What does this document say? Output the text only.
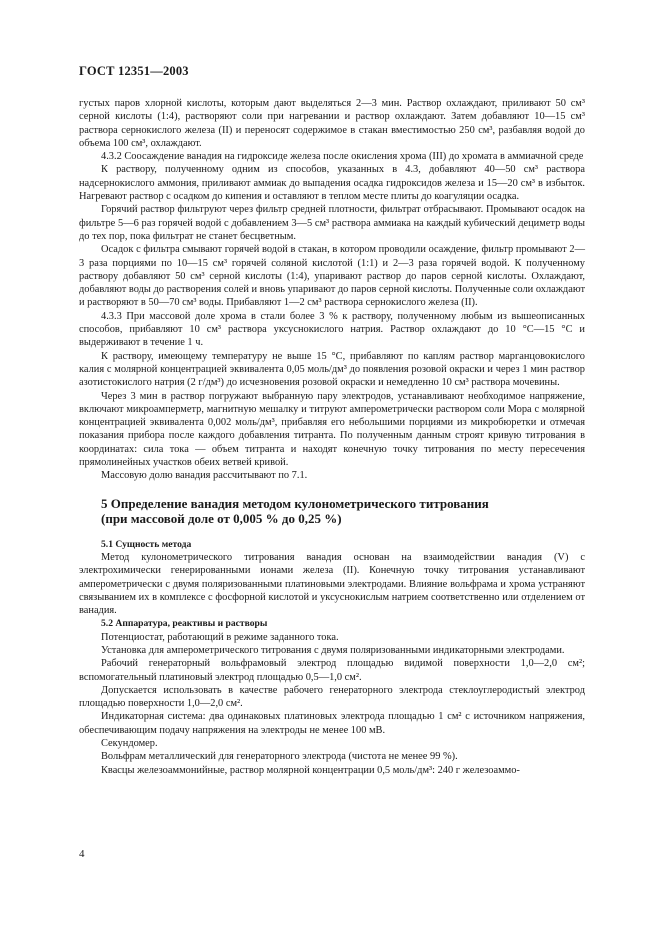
ГОСТ 12351—2003

густых паров хлорной кислоты, которым дают выделяться 2—3 мин. Раствор охлаждают, приливают 50 см³ серной кислоты (1:4), растворяют соли при нагревании и раствор охлаждают. Затем добавляют 10—15 см³ раствора сернокислого железа (II) и переносят содержимое в стакан вместимостью 250 см³, разбавляя водой до объема 100 см³, охлаждают.

4.3.2 Соосаждение ванадия на гидроксиде железа после окисления хрома (III) до хромата в аммиачной среде

К раствору, полученному одним из способов, указанных в 4.3, добавляют 40—50 см³ раствора надсернокислого аммония, приливают аммиак до выпадения осадка гидроксидов железа и 15—20 см³ в избыток. Нагревают раствор с осадком до кипения и оставляют в теплом месте плиты до коагуляции осадка.

Горячий раствор фильтруют через фильтр средней плотности, фильтрат отбрасывают. Промывают осадок на фильтре 5—6 раз горячей водой с добавлением 3—5 см³ раствора аммиака на каждый кубический дециметр воды до тех пор, пока фильтрат не станет бесцветным.

Осадок с фильтра смывают горячей водой в стакан, в котором проводили осаждение, фильтр промывают 2—3 раза порциями по 10—15 см³ горячей соляной кислотой (1:1) и 2—3 раза горячей водой. К полученному раствору добавляют 50 см³ серной кислоты (1:4), упаривают раствор до паров серной кислоты. Охлаждают, добавляют воды до растворения солей и вновь упаривают до паров серной кислоты. Полученные соли охлаждают и растворяют в 50—70 см³ воды. Прибавляют 1—2 см³ раствора сернокислого железа (II).

4.3.3 При массовой доле хрома в стали более 3 % к раствору, полученному любым из вышеописанных способов, прибавляют 10 см³ раствора уксуснокислого натрия. Раствор охлаждают до 10 °С—15 °С и выдерживают в течение 1 ч.

К раствору, имеющему температуру не выше 15 °С, прибавляют по каплям раствор марганцовокислого калия с молярной концентрацией эквивалента 0,05 моль/дм³ до появления розовой окраски и через 1 мин раствор азотистокислого натрия (2 г/дм³) до исчезновения розовой окраски и немедленно 10 см³ раствора мочевины.

Через 3 мин в раствор погружают выбранную пару электродов, устанавливают необходимое напряжение, включают микроамперметр, магнитную мешалку и титруют амперометрически раствором соли Мора с молярной концентрацией эквивалента 0,002 моль/дм³, прибавляя его небольшими порциями из микробюретки и отмечая показания прибора после каждого добавления титранта. По полученным данным строят кривую титрования в координатах: сила тока — объем титранта и находят конечную точку титрования по месту пересечения прямолинейных участков обеих ветвей кривой.

Массовую долю ванадия рассчитывают по 7.1.

5 Определение ванадия методом кулонометрического титрования
(при массовой доле от 0,005 % до 0,25 %)

5.1 Сущность метода

Метод кулонометрического титрования ванадия основан на взаимодействии ванадия (V) с электрохимически генерированными ионами железа (II). Конечную точку титрования устанавливают амперометрически с двумя поляризованными платиновыми электродами. Влияние вольфрама и хрома устраняют связыванием их в комплексе с фосфорной кислотой и уксуснокислым натрием соответственно или отделением от ванадия.

5.2 Аппаратура, реактивы и растворы

Потенциостат, работающий в режиме заданного тока.

Установка для амперометрического титрования с двумя поляризованными индикаторными электродами.

Рабочий генераторный вольфрамовый электрод площадью видимой поверхности 1,0—2,0 см²; вспомогательный платиновый электрод площадью 0,5—1,0 см².

Допускается использовать в качестве рабочего генераторного электрода стеклоуглеродистый электрод площадью поверхности 1,0—2,0 см².

Индикаторная система: два одинаковых платиновых электрода площадью 1 см² с источником напряжения, обеспечивающим подачу напряжения на электроды не менее 100 мВ.

Секундомер.

Вольфрам металлический для генераторного электрода (чистота не менее 99 %).

Квасцы железоаммонийные, раствор молярной концентрации 0,5 моль/дм³: 240 г железоаммо-

4
